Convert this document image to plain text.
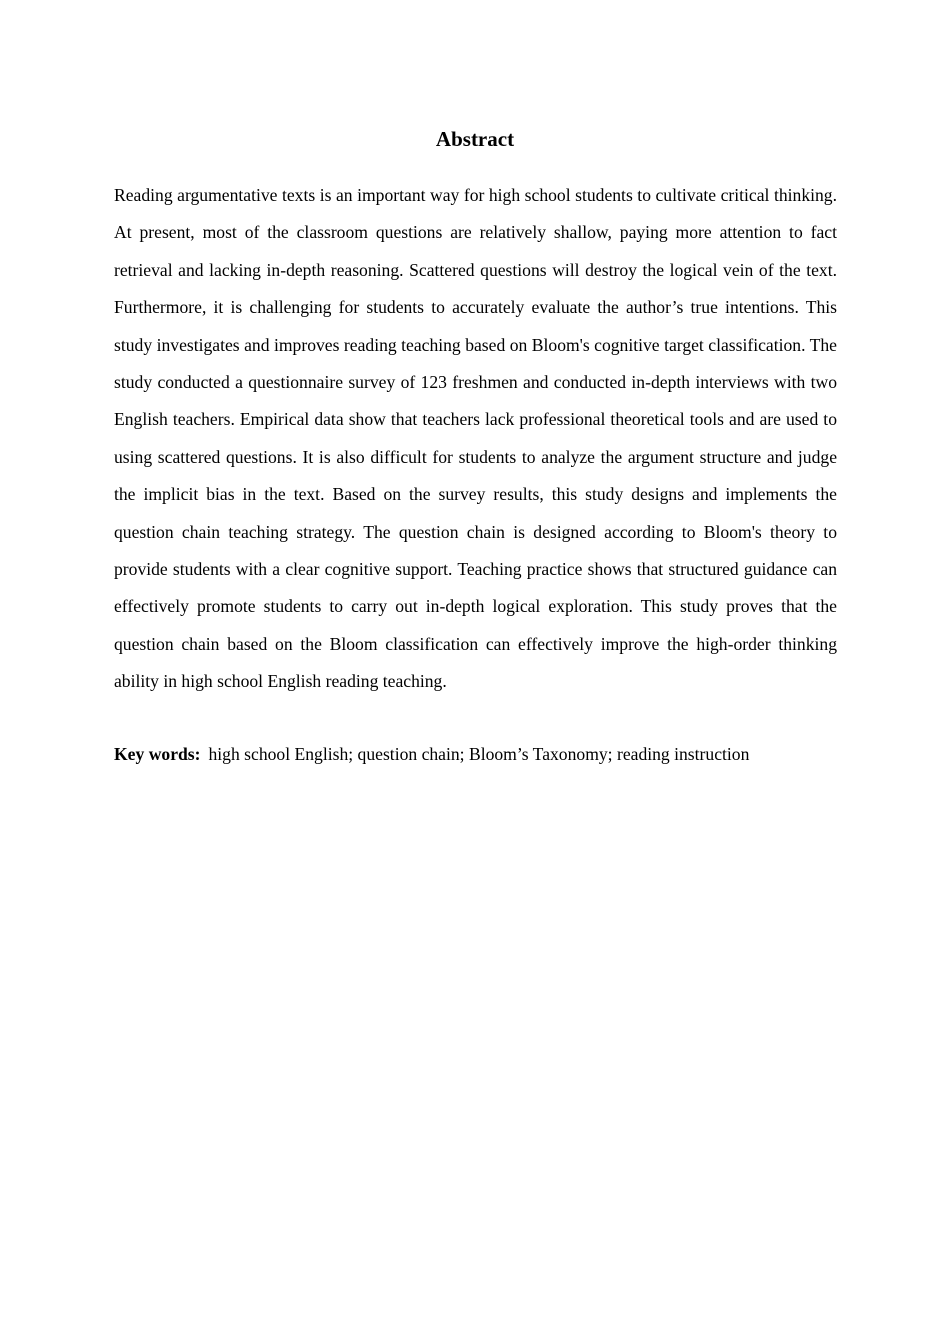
Abstract

Reading argumentative texts is an important way for high school students to cultivate critical thinking. At present, most of the classroom questions are relatively shallow, paying more attention to fact retrieval and lacking in-depth reasoning. Scattered questions will destroy the logical vein of the text. Furthermore, it is challenging for students to accurately evaluate the author’s true intentions. This study investigates and improves reading teaching based on Bloom's cognitive target classification. The study conducted a questionnaire survey of 123 freshmen and conducted in-depth interviews with two English teachers. Empirical data show that teachers lack professional theoretical tools and are used to using scattered questions. It is also difficult for students to analyze the argument structure and judge the implicit bias in the text. Based on the survey results, this study designs and implements the question chain teaching strategy. The question chain is designed according to Bloom's theory to provide students with a clear cognitive support. Teaching practice shows that structured guidance can effectively promote students to carry out in-depth logical exploration. This study proves that the question chain based on the Bloom classification can effectively improve the high-order thinking ability in high school English reading teaching.

Key words: high school English; question chain; Bloom’s Taxonomy; reading instruction
